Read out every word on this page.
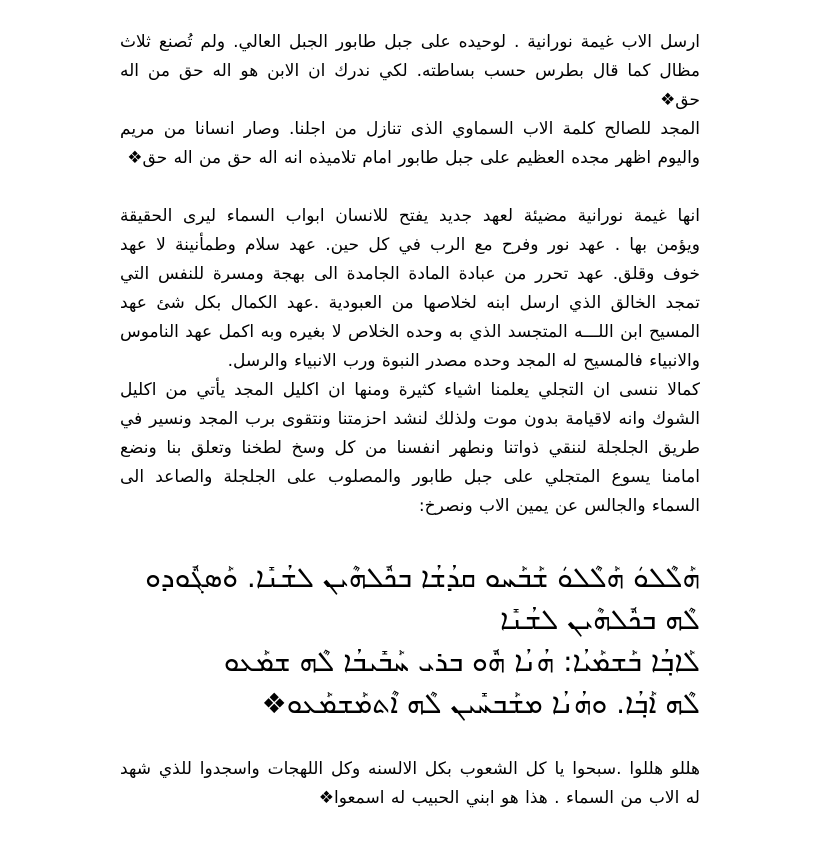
ارسل الاب غيمة نورانية . لوحيده على جبل طابور الجبل العالي. ولم تُصنع ثلاث مظال كما قال بطرس حسب بساطته. لكي ندرك ان الابن هو اله حق من اله حق❖

المجد للصالح كلمة الاب السماوي الذى تنازل من اجلنا. وصار انسانا من مريم واليوم اظهر مجده العظيم على جبل طابور امام تلاميذه انه اله حق من اله حق❖

انها غيمة نورانية مضيئة لعهد جديد يفتح للانسان ابواب السماء ليرى الحقيقة ويؤمن بها . عهد نور وفرح مع الرب في كل حين. عهد سلام وطمأنينة لا عهد خوف وقلق. عهد تحرر من عبادة المادة الجامدة الى بهجة ومسرة للنفس التي تمجد الخالق الذي ارسل ابنه لخلاصها من العبودية .عهد الكمال بكل شئ عهد المسيح ابن اللـــه المتجسد الذي به وحده الخلاص لا بغيره وبه اكمل عهد الناموس والانبياء فالمسيح له المجد وحده مصدر النبوة ورب الانبياء والرسل.

كمالا ننسى ان التجلي يعلمنا اشياء كثيرة ومنها ان اكليل المجد يأتي من اكليل الشوك وانه لاقيامة بدون موت ولذلك لنشد احزمتنا ونتقوى برب المجد ونسير في طريق الجلجلة لننقي ذواتنا ونطهر انفسنا من كل وسخ لطخنا وتعلق بنا ونضع امامنا يسوع المتجلي على جبل طابور والمصلوب على الجلجلة والصاعد الى السماء والجالس عن يمين الاب ونصرخ:

ܗܰܠܶܠܘܿ ܗܰܠܶܠܘܿ ܫܰܒܰܚܘ ܩܕܳܫܳܐ ܒܟܽܠܗܶܝܢ ܠܫܳܢܺܐ. ܘܰܣܓܽܘܕܘ ܠܶܗ ܒܟܽܠܗܶܝܢ ܠܫܳܢܺܐ
ܠܰܐܒ݂ܳܐ ܒܰܫܡܰܝܳܐ: ܗܳܢܳܐ ܗܽܘ ܒܪܝ ܚܰܒܺܝܒܳܐ ܠܶܗ ܫܡܰܥܘ
ܠܶܗ ܐܰܒ݂ܳܐ. ܘܗܳܢܳܐ ܡܫܰܒܚܺܝܢ ܠܶܗ ܐܶܬܡܰܫܡܰܥܘ❖

هللو هللوا .سبحوا يا كل الشعوب بكل الالسنه وكل اللهجات واسجدوا للذي شهد له الاب من السماء . هذا هو ابني الحبيب له اسمعوا❖
